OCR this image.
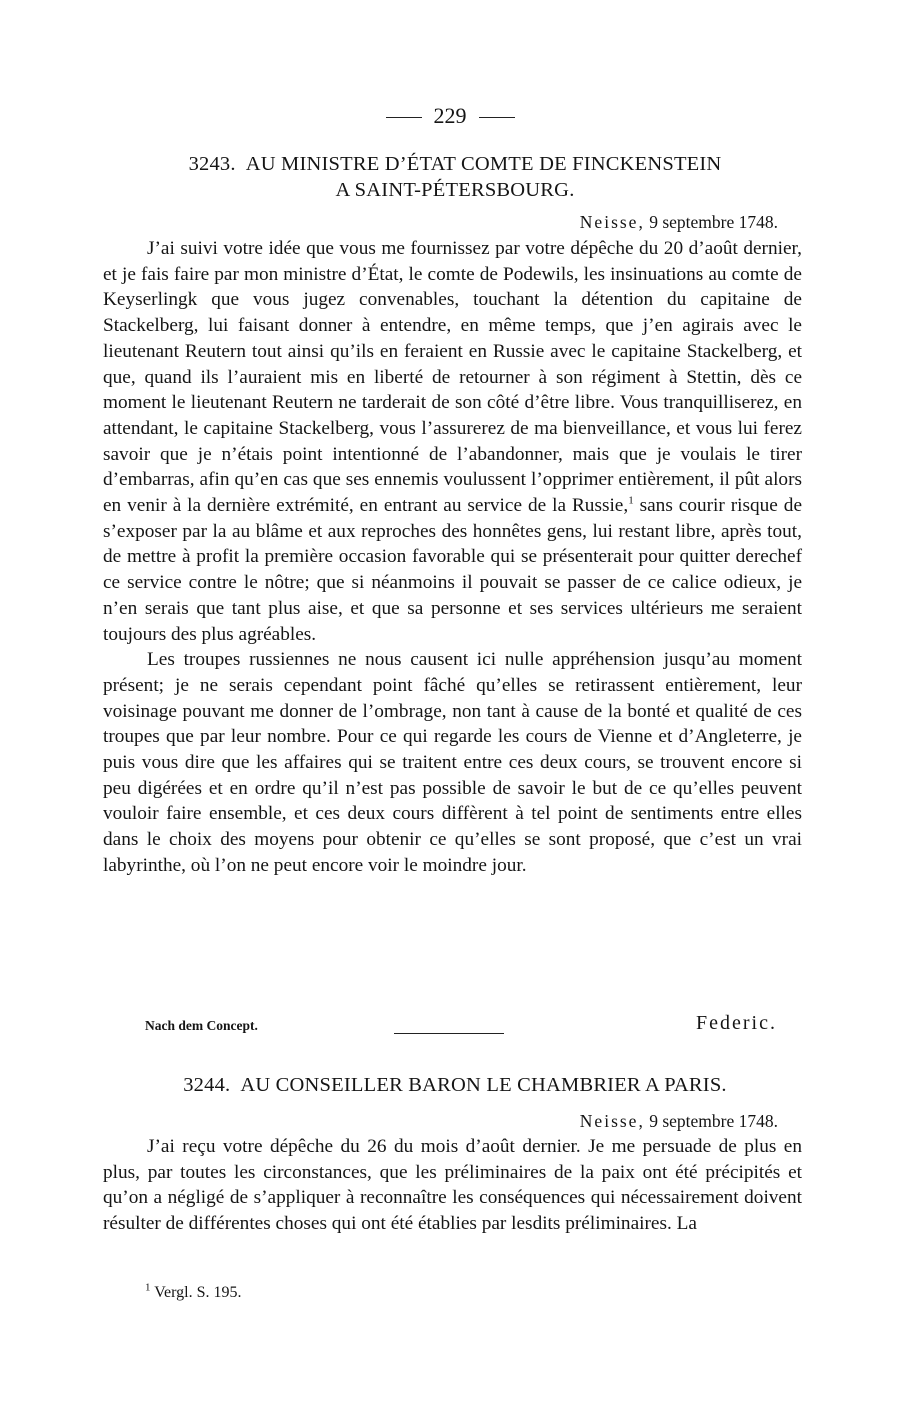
229
3243. AU MINISTRE D’ÉTAT COMTE DE FINCKENSTEIN
A SAINT-PÉTERSBOURG.
Neisse, 9 septembre 1748.

J’ai suivi votre idée que vous me fournissez par votre dépêche du 20 d’août dernier, et je fais faire par mon ministre d’État, le comte de Podewils, les insinuations au comte de Keyserlingk que vous jugez convenables, touchant la détention du capitaine de Stackelberg, lui faisant donner à entendre, en même temps, que j’en agirais avec le lieutenant Reutern tout ainsi qu’ils en feraient en Russie avec le capitaine Stackelberg, et que, quand ils l’auraient mis en liberté de retourner à son régiment à Stettin, dès ce moment le lieutenant Reutern ne tarderait de son côté d’être libre. Vous tranquilliserez, en attendant, le capitaine Stackelberg, vous l’assurerez de ma bienveillance, et vous lui ferez savoir que je n’étais point intentionné de l’abandonner, mais que je voulais le tirer d’embarras, afin qu’en cas que ses ennemis voulussent l’opprimer entièrement, il pût alors en venir à la dernière extrémité, en entrant au service de la Russie,$^1$ sans courir risque de s’exposer par la au blâme et aux reproches des honnêtes gens, lui restant libre, après tout, de mettre à profit la première occasion favorable qui se présenterait pour quitter derechef ce service contre le nôtre; que si néanmoins il pouvait se passer de ce calice odieux, je n’en serais que tant plus aise, et que sa personne et ses services ultérieurs me seraient toujours des plus agréables.

Les troupes russiennes ne nous causent ici nulle appréhension jusqu’au moment présent; je ne serais cependant point fâché qu’elles se retirassent entièrement, leur voisinage pouvant me donner de l’ombrage, non tant à cause de la bonté et qualité de ces troupes que par leur nombre. Pour ce qui regarde les cours de Vienne et d’Angleterre, je puis vous dire que les affaires qui se traitent entre ces deux cours, se trouvent encore si peu digérées et en ordre qu’il n’est pas possible de savoir le but de ce qu’elles peuvent vouloir faire ensemble, et ces deux cours diffèrent à tel point de sentiments entre elles dans le choix des moyens pour obtenir ce qu’elles se sont proposé, que c’est un vrai labyrinthe, où l’on ne peut encore voir le moindre jour.

Nach dem Concept.	Federic.
3244. AU CONSEILLER BARON LE CHAMBRIER A PARIS.
Neisse, 9 septembre 1748.

J’ai reçu votre dépêche du 26 du mois d’août dernier. Je me persuade de plus en plus, par toutes les circonstances, que les préliminaires de la paix ont été précipités et qu’on a négligé de s’appliquer à reconnaître les conséquences qui nécessairement doivent résulter de différentes choses qui ont été établies par lesdits préliminaires. La

$^1$ Vergl. S. 195.
